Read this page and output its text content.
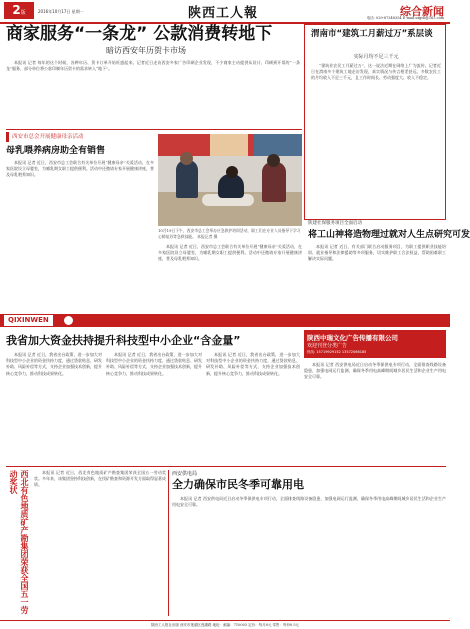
2版	2016年10月17日 星期一	陕西工人報	综合新闻
电话: 029-87348354 E-mail:sxgrb@163.com
商家服务“一条龙” 公款消费转地下
暗访西安年历贺卡市场

本报讯 记者 每年的这个时候，各种年历、贺卡订单开始旺盛起来。记者近日走访西安多家广告印刷企业发现，不少商家主动提供从设计、印刷到开票的“一条龙”服务，部分单位将公款印制年历贺卡的需求转入“地下”。

渭南市“建筑工月薪过万”系层谈
实际月均不足三千元

“建筑业农民工月薪过万”，这一说法近期在网络上广为流传。记者近日在渭南多个建筑工地走访发现，真实情况与传言相差甚远，多数农民工的月均收入不足三千元，且工作时间长、劳动强度大、收入不稳定。

西安市总会开展健康母亲活动
母乳喂养病房助全有销售

本报讯 记者 近日，西安市总工会联合有关单位开展“健康母亲”关爱活动，在多家医院设立母婴室，为哺乳期女职工提供便利。活动中还邀请专家开展健康讲座，普及母乳喂养知识。

10月19日下午，西安市总工会举办应急救护培训活动，职工们在专业人员指导下学习心肺复苏等急救技能。 本报记者 摄
陕建社保服务项目全面启动
将工山神将造物理过就对人生点研究可发

本报讯 记者 近日，有关部门联合启动服务项目，为职工提供职业技能培训、就业指导和法律援助等多项服务，切实维护职工合法权益，帮助困难职工解决实际问题。

本报讯 记者 近日，西安市总工会联合有关单位开展“健康母亲”关爱活动，在多家医院设立母婴室，为哺乳期女职工提供便利。活动中还邀请专家开展健康讲座，普及母乳喂养知识。

QIXINWEN
我省加大资金扶持提升科技型中小企业“含金量”

本报讯 记者 近日，我省出台政策，进一步加大对科技型中小企业的资金扶持力度，通过贷款贴息、研发补助、风险补偿等方式，支持企业加强技术创新，提升核心竞争力，推动科技成果转化。

本报讯 记者 近日，我省出台政策，进一步加大对科技型中小企业的资金扶持力度，通过贷款贴息、研发补助、风险补偿等方式，支持企业加强技术创新，提升核心竞争力，推动科技成果转化。

本报讯 记者 近日，我省出台政策，进一步加大对科技型中小企业的资金扶持力度，通过贷款贴息、研发补助、风险补偿等方式，支持企业加强技术创新，提升核心竞争力，推动科技成果转化。

陕西中瑞文化广告传播有限公司
欢迎刊登分类广告
热线: 15719929152 13572066185

本报讯 记者 西安供电局近日启动冬季保供电专项行动，全面排查线路设备隐患，加强电网运行监测，确保冬季用电高峰期间城乡居民生活和企业生产用电安全可靠。

西北有色地质矿产勘集团荣获全国五一劳动奖状	本报讯 记者 近日，西北有色地质矿产勘查集团荣获全国五一劳动奖状。多年来，该集团坚持科技创新，在找矿勘查和资源开发方面取得显著成绩。

西安供电局
全力确保市民冬季可靠用电

本报讯 记者 西安供电局近日启动冬季保供电专项行动，全面排查线路设备隐患，加强电网运行监测，确保冬季用电高峰期间城乡居民生活和企业生产用电安全可靠。

陕西工人报社出版 西安市莲湖区莲湖路 地址：邮编：710003 定价：每月8元 零售：每份0.5元
